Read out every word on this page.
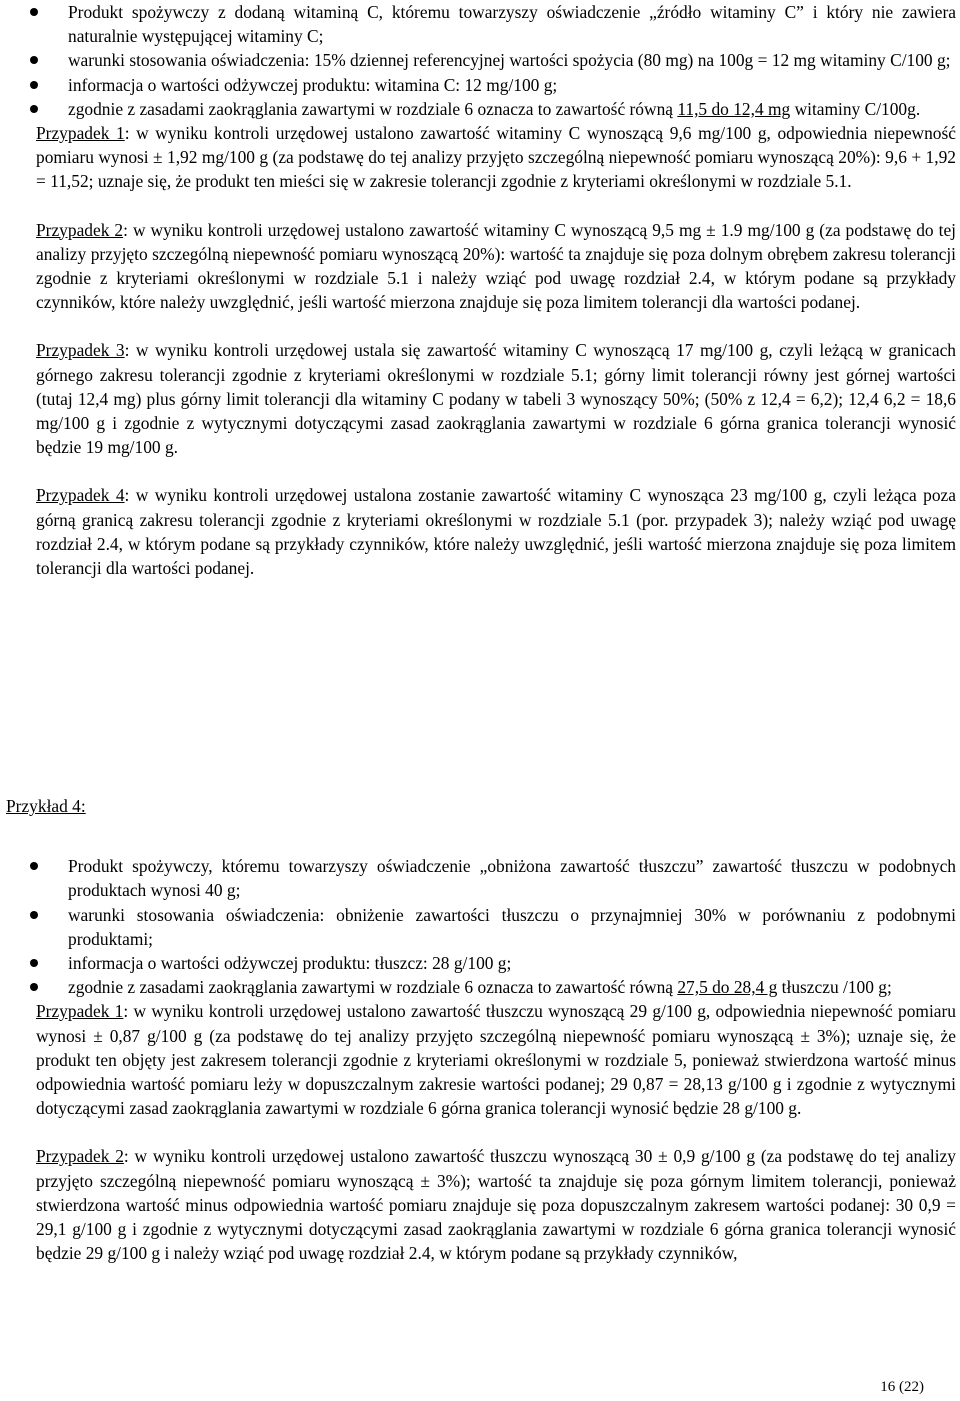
Produkt spożywczy z dodaną witaminą C, któremu towarzyszy oświadczenie „źródło witaminy C” i który nie zawiera naturalnie występującej witaminy C;
warunki stosowania oświadczenia: 15% dziennej referencyjnej wartości spożycia (80 mg) na 100g = 12 mg witaminy C/100 g;
informacja o wartości odżywczej produktu: witamina C: 12 mg/100 g;
zgodnie z zasadami zaokrąglania zawartymi w rozdziale 6 oznacza to zawartość równą 11,5 do 12,4 mg witaminy C/100g.

Przypadek 1: w wyniku kontroli urzędowej ustalono zawartość witaminy C wynoszącą 9,6 mg/100 g, odpowiednia niepewność pomiaru wynosi ± 1,92 mg/100 g (za podstawę do tej analizy przyjęto szczególną niepewność pomiaru wynoszącą 20%): 9,6 + 1,92 = 11,52; uznaje się, że produkt ten mieści się w zakresie tolerancji zgodnie z kryteriami określonymi w rozdziale 5.1.

Przypadek 2: w wyniku kontroli urzędowej ustalono zawartość witaminy C wynoszącą 9,5 mg ± 1.9 mg/100 g (za podstawę do tej analizy przyjęto szczególną niepewność pomiaru wynoszącą 20%): wartość ta znajduje się poza dolnym obrębem zakresu tolerancji zgodnie z kryteriami określonymi w rozdziale 5.1 i należy wziąć pod uwagę rozdział 2.4, w którym podane są przykłady czynników, które należy uwzględnić, jeśli wartość mierzona znajduje się poza limitem tolerancji dla wartości podanej.

Przypadek 3: w wyniku kontroli urzędowej ustala się zawartość witaminy C wynoszącą 17 mg/100 g, czyli leżącą w granicach górnego zakresu tolerancji zgodnie z kryteriami określonymi w rozdziale 5.1; górny limit tolerancji równy jest górnej wartości (tutaj 12,4 mg) plus górny limit tolerancji dla witaminy C podany w tabeli 3 wynoszący 50%; (50% z 12,4 = 6,2); 12,4 6,2 = 18,6 mg/100 g i zgodnie z wytycznymi dotyczącymi zasad zaokrąglania zawartymi w rozdziale 6 górna granica tolerancji wynosić będzie 19 mg/100 g.

Przypadek 4: w wyniku kontroli urzędowej ustalona zostanie zawartość witaminy C wynosząca 23 mg/100 g, czyli leżąca poza górną granicą zakresu tolerancji zgodnie z kryteriami określonymi w rozdziale 5.1 (por. przypadek 3); należy wziąć pod uwagę rozdział 2.4, w którym podane są przykłady czynników, które należy uwzględnić, jeśli wartość mierzona znajduje się poza limitem tolerancji dla wartości podanej.

Przykład 4:

Produkt spożywczy, któremu towarzyszy oświadczenie „obniżona zawartość tłuszczu” zawartość tłuszczu w podobnych produktach wynosi 40 g;
warunki stosowania oświadczenia: obniżenie zawartości tłuszczu o przynajmniej 30% w porównaniu z podobnymi produktami;
informacja o wartości odżywczej produktu: tłuszcz: 28 g/100 g;
zgodnie z zasadami zaokrąglania zawartymi w rozdziale 6 oznacza to zawartość równą 27,5 do 28,4 g tłuszczu /100 g;

Przypadek 1: w wyniku kontroli urzędowej ustalono zawartość tłuszczu wynoszącą 29 g/100 g, odpowiednia niepewność pomiaru wynosi ± 0,87 g/100 g (za podstawę do tej analizy przyjęto szczególną niepewność pomiaru wynoszącą ± 3%); uznaje się, że produkt ten objęty jest zakresem tolerancji zgodnie z kryteriami określonymi w rozdziale 5, ponieważ stwierdzona wartość minus odpowiednia wartość pomiaru leży w dopuszczalnym zakresie wartości podanej; 29 0,87 = 28,13 g/100 g i zgodnie z wytycznymi dotyczącymi zasad zaokrąglania zawartymi w rozdziale 6 górna granica tolerancji wynosić będzie 28 g/100 g.

Przypadek 2: w wyniku kontroli urzędowej ustalono zawartość tłuszczu wynoszącą 30 ± 0,9 g/100 g (za podstawę do tej analizy przyjęto szczególną niepewność pomiaru wynoszącą ± 3%); wartość ta znajduje się poza górnym limitem tolerancji, ponieważ stwierdzona wartość minus odpowiednia wartość pomiaru znajduje się poza dopuszczalnym zakresem wartości podanej: 30 0,9 = 29,1 g/100 g i zgodnie z wytycznymi dotyczącymi zasad zaokrąglania zawartymi w rozdziale 6 górna granica tolerancji wynosić będzie 29 g/100 g i należy wziąć pod uwagę rozdział 2.4, w którym podane są przykłady czynników,

16 (22)
